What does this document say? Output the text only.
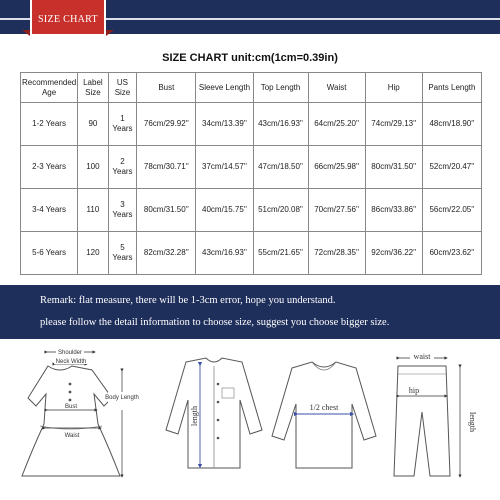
SIZE CHART
SIZE CHART unit:cm(1cm=0.39in)
Recommended Age	Label Size	US Size	Bust	Sleeve Length	Top Length	Waist	Hip	Pants Length
1-2 Years	90	1 Years	76cm/29.92''	34cm/13.39''	43cm/16.93''	64cm/25.20''	74cm/29.13''	48cm/18.90''
2-3 Years	100	2 Years	78cm/30.71''	37cm/14.57''	47cm/18.50''	66cm/25.98''	80cm/31.50''	52cm/20.47''
3-4 Years	110	3 Years	80cm/31.50''	40cm/15.75''	51cm/20.08''	70cm/27.56''	86cm/33.86''	56cm/22.05''
5-6 Years	120	5 Years	82cm/32.28''	43cm/16.93''	55cm/21.65''	72cm/28.35''	92cm/36.22''	60cm/23.62''
Remark: flat measure, there will be 1-3cm error, hope you understand.
please follow the detail information to choose size, suggest you choose bigger size.
Shoulder
Neck Width
Bust
Waist
Body Length
length	1/2 chest
waist
hip
length
